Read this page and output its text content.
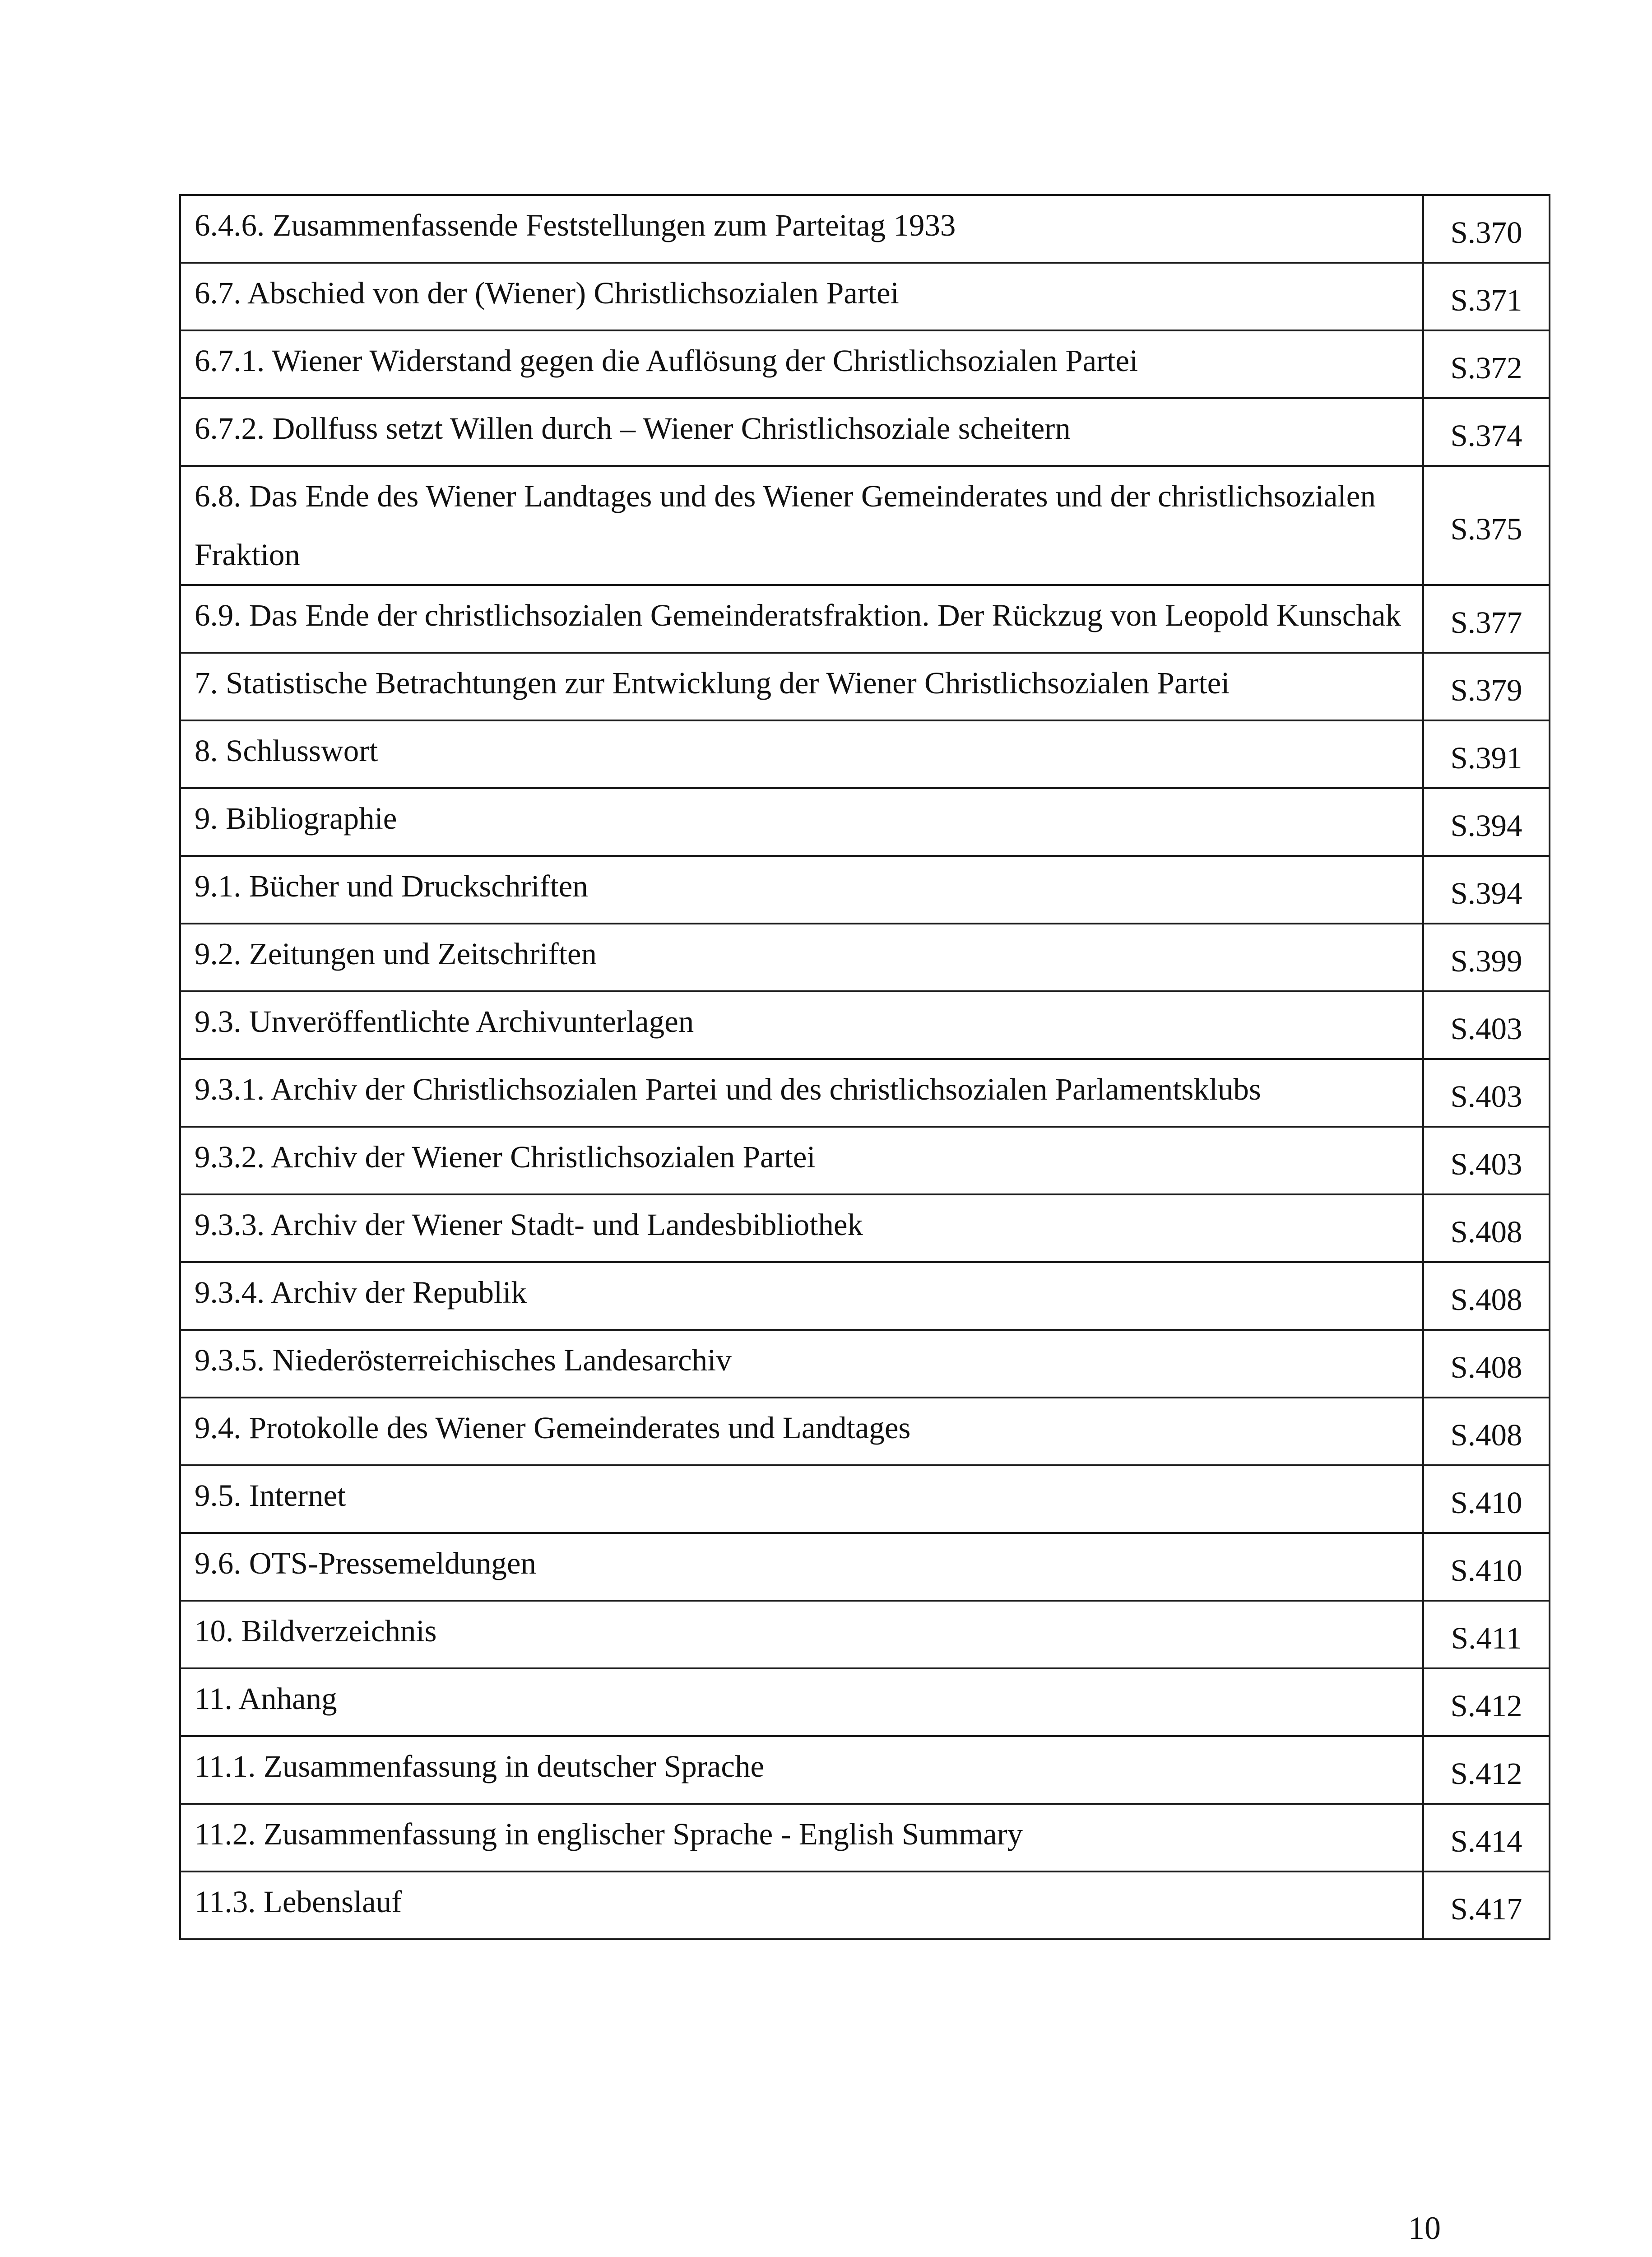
6.4.6. Zusammenfassende Feststellungen zum Parteitag 1933	S.370

6.7. Abschied von der (Wiener) Christlichsozialen Partei	S.371

6.7.1. Wiener Widerstand gegen die Auflösung der Christlichsozialen Partei	S.372

6.7.2. Dollfuss setzt Willen durch – Wiener Christlichsoziale scheitern	S.374

6.8. Das Ende des Wiener Landtages und des Wiener Gemeinderates und der christlichsozialen Fraktion	S.375

6.9. Das Ende der christlichsozialen Gemeinderatsfraktion. Der Rückzug von Leopold Kunschak	S.377

7. Statistische Betrachtungen zur Entwicklung der Wiener Christlichsozialen Partei	S.379

8. Schlusswort	S.391

9. Bibliographie	S.394

9.1. Bücher und Druckschriften	S.394

9.2. Zeitungen und Zeitschriften	S.399

9.3. Unveröffentlichte Archivunterlagen	S.403

9.3.1. Archiv der Christlichsozialen Partei und des christlichsozialen Parlamentsklubs	S.403

9.3.2. Archiv der Wiener Christlichsozialen Partei	S.403

9.3.3. Archiv der Wiener Stadt- und Landesbibliothek	S.408

9.3.4. Archiv der Republik	S.408

9.3.5. Niederösterreichisches Landesarchiv	S.408

9.4. Protokolle des Wiener Gemeinderates und Landtages	S.408

9.5. Internet	S.410

9.6. OTS-Pressemeldungen	S.410

10. Bildverzeichnis	S.411

11. Anhang	S.412

11.1. Zusammenfassung in deutscher Sprache	S.412

11.2. Zusammenfassung in englischer Sprache - English Summary	S.414

11.3. Lebenslauf	S.417
10
